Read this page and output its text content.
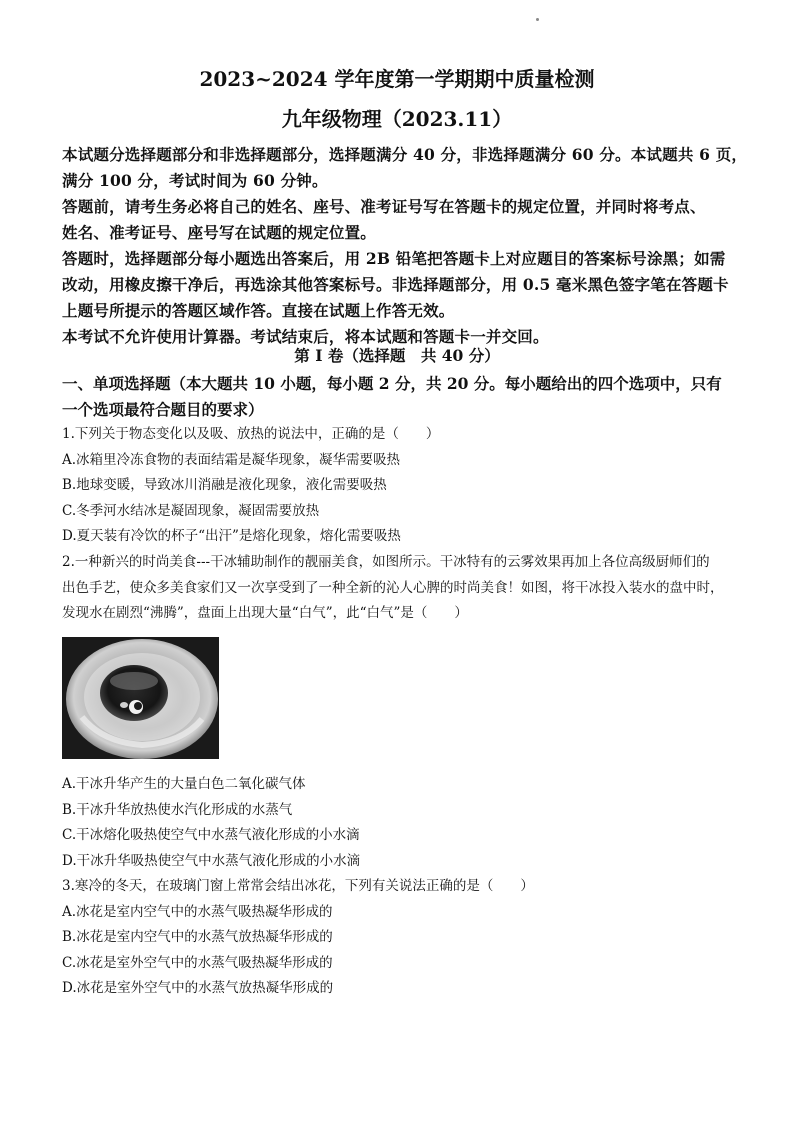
2023~2024 学年度第一学期期中质量检测
九年级物理（2023.11）

本试题分选择题部分和非选择题部分，选择题满分 40 分，非选择题满分 60 分。本试题共 6 页，

满分 100 分，考试时间为 60 分钟。

答题前，请考生务必将自己的姓名、座号、准考证号写在答题卡的规定位置，并同时将考点、

姓名、准考证号、座号写在试题的规定位置。

答题时，选择题部分每小题选出答案后，用 2B 铅笔把答题卡上对应题目的答案标号涂黑；如需

改动，用橡皮擦干净后，再选涂其他答案标号。非选择题部分，用 0.5 毫米黑色签字笔在答题卡

上题号所提示的答题区域作答。直接在试题上作答无效。

本考试不允许使用计算器。考试结束后，将本试题和答题卡一并交回。

第 I 卷（选择题　共 40 分）

一、单项选择题（本大题共 10 小题，每小题 2 分，共 20 分。每小题给出的四个选项中，只有

一个选项最符合题目的要求）

1.下列关于物态变化以及吸、放热的说法中，正确的是（　　）

A.冰箱里冷冻食物的表面结霜是凝华现象，凝华需要吸热

B.地球变暖，导致冰川消融是液化现象，液化需要吸热

C.冬季河水结冰是凝固现象，凝固需要放热

D.夏天装有冷饮的杯子“出汗”是熔化现象，熔化需要吸热

2.一种新兴的时尚美食---干冰辅助制作的靓丽美食，如图所示。干冰特有的云雾效果再加上各位高级厨师们的

出色手艺，使众多美食家们又一次享受到了一种全新的沁人心脾的时尚美食！如图，将干冰投入装水的盘中时，

发现水在剧烈“沸腾”，盘面上出现大量“白气”，此“白气”是（　　）

A.干冰升华产生的大量白色二氧化碳气体

B.干冰升华放热使水汽化形成的水蒸气

C.干冰熔化吸热使空气中水蒸气液化形成的小水滴

D.干冰升华吸热使空气中水蒸气液化形成的小水滴

3.寒冷的冬天，在玻璃门窗上常常会结出冰花，下列有关说法正确的是（　　）

A.冰花是室内空气中的水蒸气吸热凝华形成的

B.冰花是室内空气中的水蒸气放热凝华形成的

C.冰花是室外空气中的水蒸气吸热凝华形成的

D.冰花是室外空气中的水蒸气放热凝华形成的
